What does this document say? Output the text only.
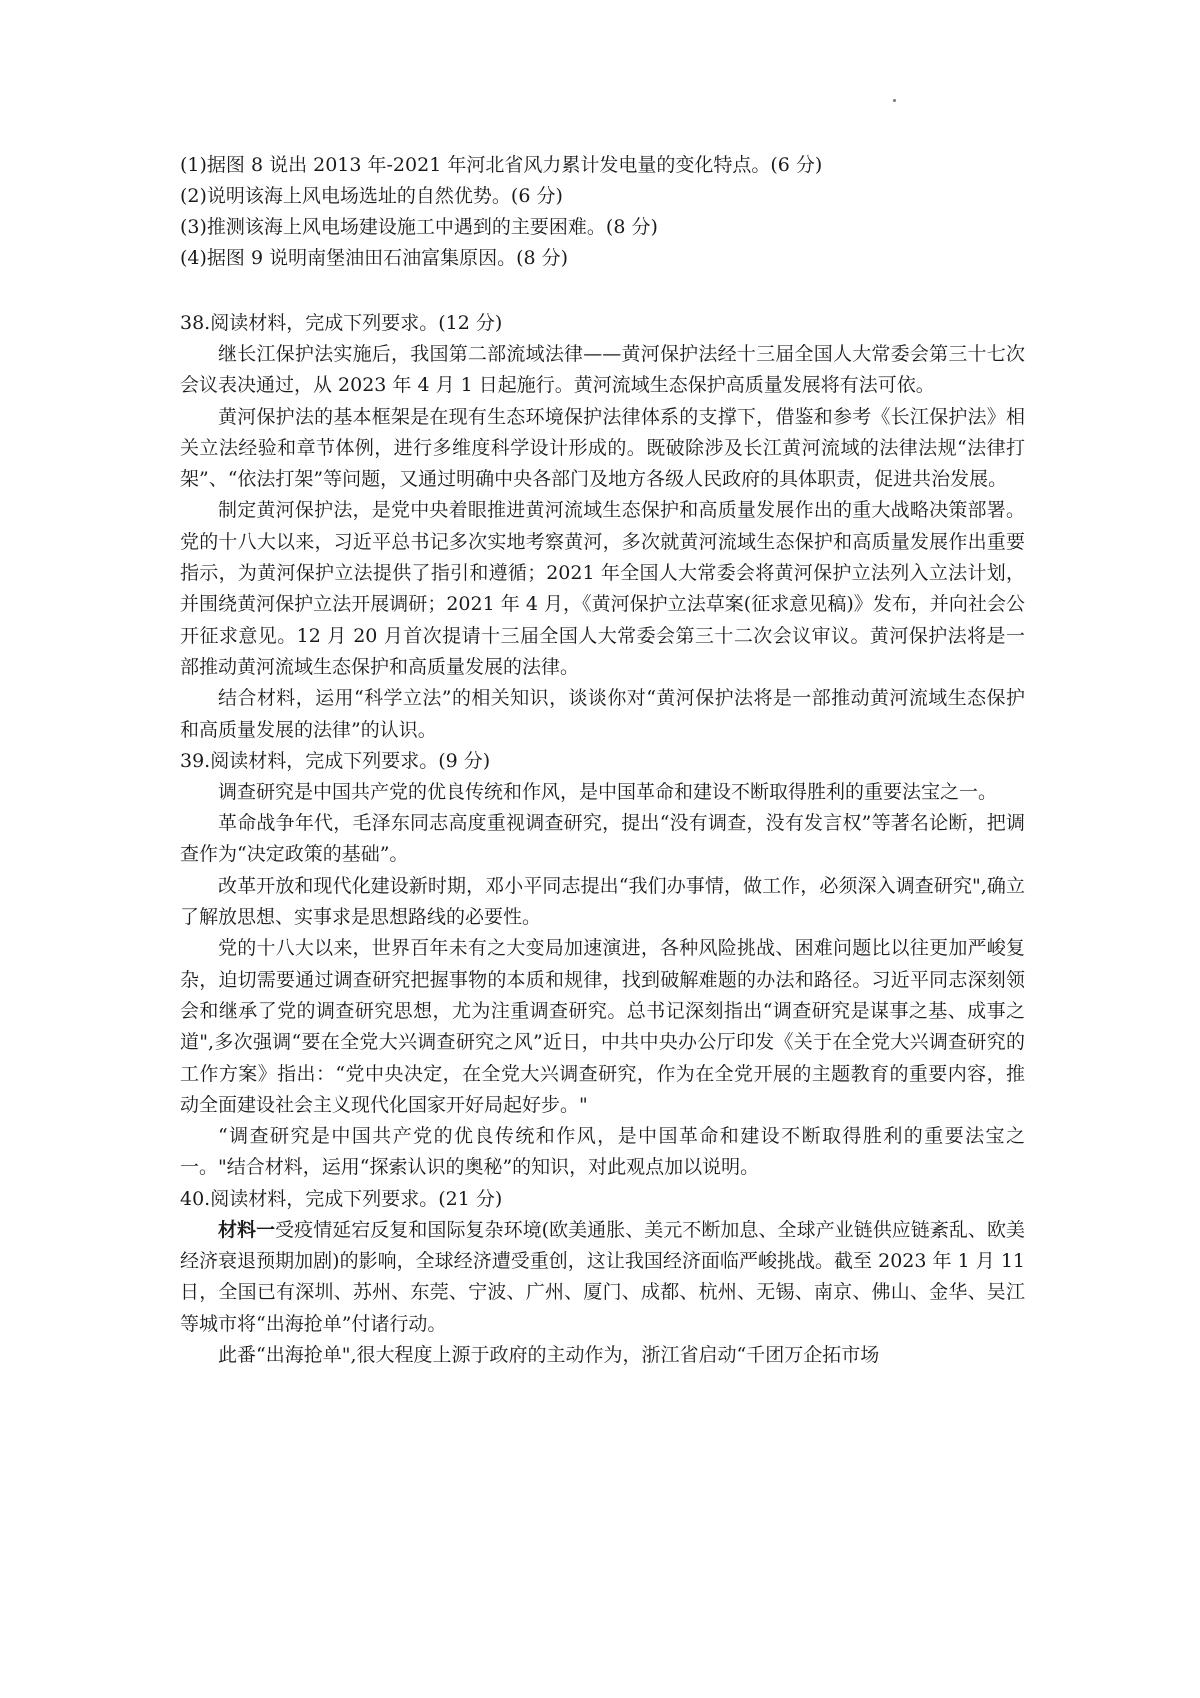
(1)据图 8 说出 2013 年-2021 年河北省风力累计发电量的变化特点。(6 分)
(2)说明该海上风电场选址的自然优势。(6 分)
(3)推测该海上风电场建设施工中遇到的主要困难。(8 分)
(4)据图 9 说明南堡油田石油富集原因。(8 分)

38.阅读材料，完成下列要求。(12 分)

继长江保护法实施后，我国第二部流域法律——黄河保护法经十三届全国人大常委会第三十七次会议表决通过，从 2023 年 4 月 1 日起施行。黄河流域生态保护高质量发展将有法可依。

黄河保护法的基本框架是在现有生态环境保护法律体系的支撑下，借鉴和参考《长江保护法》相关立法经验和章节体例，进行多维度科学设计形成的。既破除涉及长江黄河流域的法律法规“法律打架”、“依法打架”等问题，又通过明确中央各部门及地方各级人民政府的具体职责，促进共治发展。

制定黄河保护法，是党中央着眼推进黄河流域生态保护和高质量发展作出的重大战略决策部署。党的十八大以来，习近平总书记多次实地考察黄河，多次就黄河流域生态保护和高质量发展作出重要指示，为黄河保护立法提供了指引和遵循；2021 年全国人大常委会将黄河保护立法列入立法计划，并围绕黄河保护立法开展调研；2021 年 4 月，《黄河保护立法草案(征求意见稿)》发布，并向社会公开征求意见。12 月 20 月首次提请十三届全国人大常委会第三十二次会议审议。黄河保护法将是一部推动黄河流域生态保护和高质量发展的法律。

结合材料，运用“科学立法”的相关知识，谈谈你对“黄河保护法将是一部推动黄河流域生态保护和高质量发展的法律”的认识。

39.阅读材料，完成下列要求。(9 分)

调查研究是中国共产党的优良传统和作风，是中国革命和建设不断取得胜利的重要法宝之一。

革命战争年代，毛泽东同志高度重视调查研究，提出“没有调查，没有发言权”等著名论断，把调查作为“决定政策的基础”。

改革开放和现代化建设新时期，邓小平同志提出“我们办事情，做工作，必须深入调查研究",确立了解放思想、实事求是思想路线的必要性。

党的十八大以来，世界百年未有之大变局加速演进，各种风险挑战、困难问题比以往更加严峻复杂，迫切需要通过调查研究把握事物的本质和规律，找到破解难题的办法和路径。习近平同志深刻领会和继承了党的调查研究思想，尤为注重调查研究。总书记深刻指出“调查研究是谋事之基、成事之道",多次强调“要在全党大兴调查研究之风”近日，中共中央办公厅印发《关于在全党大兴调查研究的工作方案》指出：“党中央决定，在全党大兴调查研究，作为在全党开展的主题教育的重要内容，推动全面建设社会主义现代化国家开好局起好步。"

“调查研究是中国共产党的优良传统和作风，是中国革命和建设不断取得胜利的重要法宝之一。"结合材料，运用“探索认识的奥秘”的知识，对此观点加以说明。

40.阅读材料，完成下列要求。(21 分)

材料一受疫情延宕反复和国际复杂环境(欧美通胀、美元不断加息、全球产业链供应链紊乱、欧美经济衰退预期加剧)的影响，全球经济遭受重创，这让我国经济面临严峻挑战。截至 2023 年 1 月 11 日，全国已有深圳、苏州、东莞、宁波、广州、厦门、成都、杭州、无锡、南京、佛山、金华、吴江等城市将“出海抢单”付诸行动。

此番“出海抢单",很大程度上源于政府的主动作为，浙江省启动“千团万企拓市场
